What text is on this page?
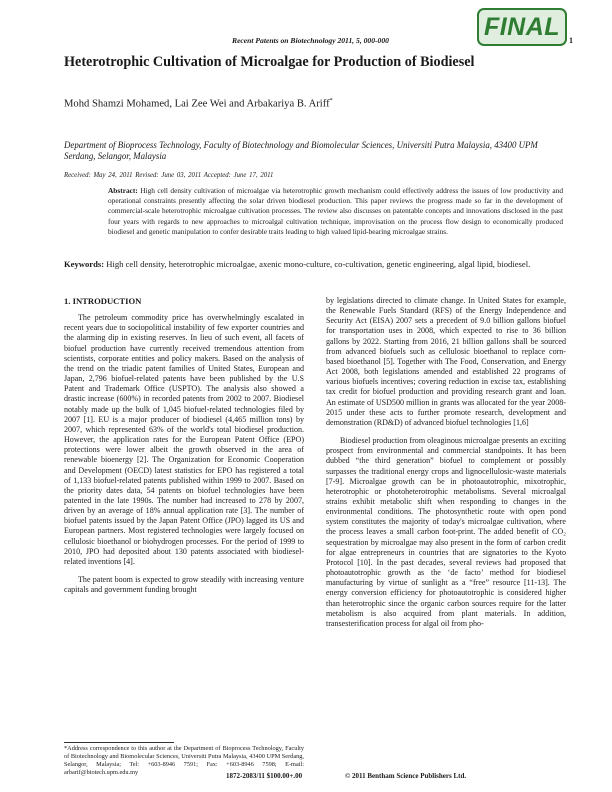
Recent Patents on Biotechnology 2011, 5, 000-000	1
FINAL
Heterotrophic Cultivation of Microalgae for Production of Biodiesel
Mohd Shamzi Mohamed, Lai Zee Wei and Arbakariya B. Ariff*
Department of Bioprocess Technology, Faculty of Biotechnology and Biomolecular Sciences, Universiti Putra Malaysia, 43400 UPM Serdang, Selangor, Malaysia
Received: May 24, 2011 Revised: June 03, 2011 Accepted: June 17, 2011
Abstract: High cell density cultivation of microalgae via heterotrophic growth mechanism could effectively address the issues of low productivity and operational constraints presently affecting the solar driven biodiesel production. This paper reviews the progress made so far in the development of commercial-scale heterotrophic microalgae cultivation processes. The review also discusses on patentable concepts and innovations disclosed in the past four years with regards to new approaches to microalgal cultivation technique, improvisation on the process flow design to economically produced biodiesel and genetic manipulation to confer desirable traits leading to high valued lipid-bearing microalgae strains.
Keywords: High cell density, heterotrophic microalgae, axenic mono-culture, co-cultivation, genetic engineering, algal lipid, biodiesel.

1. INTRODUCTION

The petroleum commodity price has overwhelmingly escalated in recent years due to sociopolitical instability of few exporter countries and the alarming dip in existing reserves. In lieu of such event, all facets of biofuel production have currently received tremendous attention from scientists, corporate entities and policy makers. Based on the analysis of the trend on the triadic patent families of United States, European and Japan, 2,796 biofuel-related patents have been published by the U.S Patent and Trademark Office (USPTO). The analysis also showed a drastic increase (600%) in recorded patents from 2002 to 2007. Biodiesel notably made up the bulk of 1,045 biofuel-related technologies filed by 2007 [1]. EU is a major producer of biodiesel (4,465 million tons) by 2007, which represented 63% of the world's total biodiesel production. However, the application rates for the European Patent Office (EPO) protections were lower albeit the growth observed in the area of renewable bioenergy [2]. The Organization for Economic Cooperation and Development (OECD) latest statistics for EPO has registered a total of 1,133 biofuel-related patents published within 1999 to 2007. Based on the priority dates data, 54 patents on biofuel technologies have been patented in the late 1990s. The number had increased to 278 by 2007, driven by an average of 18% annual application rate [3]. The number of biofuel patents issued by the Japan Patent Office (JPO) lagged its US and European partners. Most registered technologies were largely focused on cellulosic bioethanol or biohydrogen processes. For the period of 1999 to 2010, JPO had deposited about 130 patents associated with biodiesel-related inventions [4].

The patent boom is expected to grow steadily with increasing venture capitals and government funding brought

by legislations directed to climate change. In United States for example, the Renewable Fuels Standard (RFS) of the Energy Independence and Security Act (EISA) 2007 sets a precedent of 9.0 billion gallons biofuel for transportation uses in 2008, which expected to rise to 36 billion gallons by 2022. Starting from 2016, 21 billion gallons shall be sourced from advanced biofuels such as cellulosic bioethanol to replace corn-based bioethanol [5]. Together with The Food, Conservation, and Energy Act 2008, both legislations amended and established 22 programs of various biofuels incentives; covering reduction in excise tax, establishing tax credit for biofuel production and providing research grant and loan. An estimate of USD500 million in grants was allocated for the year 2008-2015 under these acts to further promote research, development and demonstration (RD&D) of advanced biofuel technologies [1,6]

Biodiesel production from oleaginous microalgae presents an exciting prospect from environmental and commercial standpoints. It has been dubbed “the third generation” biofuel to complement or possibly surpasses the traditional energy crops and lignocellulosic-waste materials [7-9]. Microalgae growth can be in photoautotrophic, mixotrophic, heterotrophic or photoheterotrophic metabolisms. Several microalgal strains exhibit metabolic shift when responding to changes in the environmental conditions. The photosynthetic route with open pond system constitutes the majority of today's microalgae cultivation, where the process leaves a small carbon foot-print. The added benefit of CO₂ sequestration by microalgae may also present in the form of carbon credit for algae entrepreneurs in countries that are signatories to the Kyoto Protocol [10]. In the past decades, several reviews had proposed that photoautotrophic growth as the ‘de facto’ method for biodiesel manufacturing by virtue of sunlight as a “free” resource [11-13]. The energy conversion efficiency for photoautotrophic is considered higher than heterotrophic since the organic carbon sources require for the latter metabolism is also acquired from plant materials. In addition, transesterification process for algal oil from pho-

*Address correspondence to this author at the Department of Bioprocess Technology, Faculty of Biotechnology and Biomolecular Sciences, Universiti Putra Malaysia, 43400 UPM Serdang, Selangor, Malaysia; Tel: +603-8946 7591; Fax: +603-8946 7598; E-mail: arbarif@biotech.upm.edu.my	1872-2083/11 $100.00+.00	© 2011 Bentham Science Publishers Ltd.
